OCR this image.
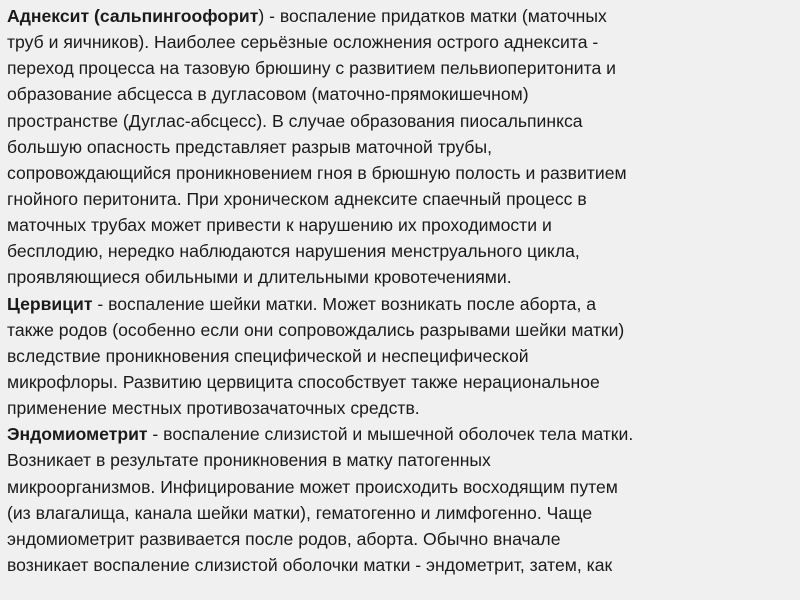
Аднексит (сальпингоофорит) - воспаление придатков матки (маточных
труб и яичников). Наиболее серьёзные осложнения острого аднексита -
переход процесса на тазовую брюшину с развитием пельвиоперитонита и
образование абсцесса в дугласовом (маточно-прямокишечном)
пространстве (Дуглас-абсцесс). В случае образования пиосальпинкса
большую опасность представляет разрыв маточной трубы,
сопровождающийся проникновением гноя в брюшную полость и развитием
гнойного перитонита. При хроническом аднексите спаечный процесс в
маточных трубах может привести к нарушению их проходимости и
бесплодию, нередко наблюдаются нарушения менструального цикла,
проявляющиеся обильными и длительными кровотечениями.
Цервицит - воспаление шейки матки. Может возникать после аборта, а
также родов (особенно если они сопровождались разрывами шейки матки)
вследствие проникновения специфической и неспецифической
микрофлоры. Развитию цервицита способствует также нерациональное
применение местных противозачаточных средств.
Эндомиометрит - воспаление слизистой и мышечной оболочек тела матки.
Возникает в результате проникновения в матку патогенных
микроорганизмов. Инфицирование может происходить восходящим путем
(из влагалища, канала шейки матки), гематогенно и лимфогенно. Чаще
эндомиометрит развивается после родов, аборта. Обычно вначале
возникает воспаление слизистой оболочки матки - эндометрит, затем, как
